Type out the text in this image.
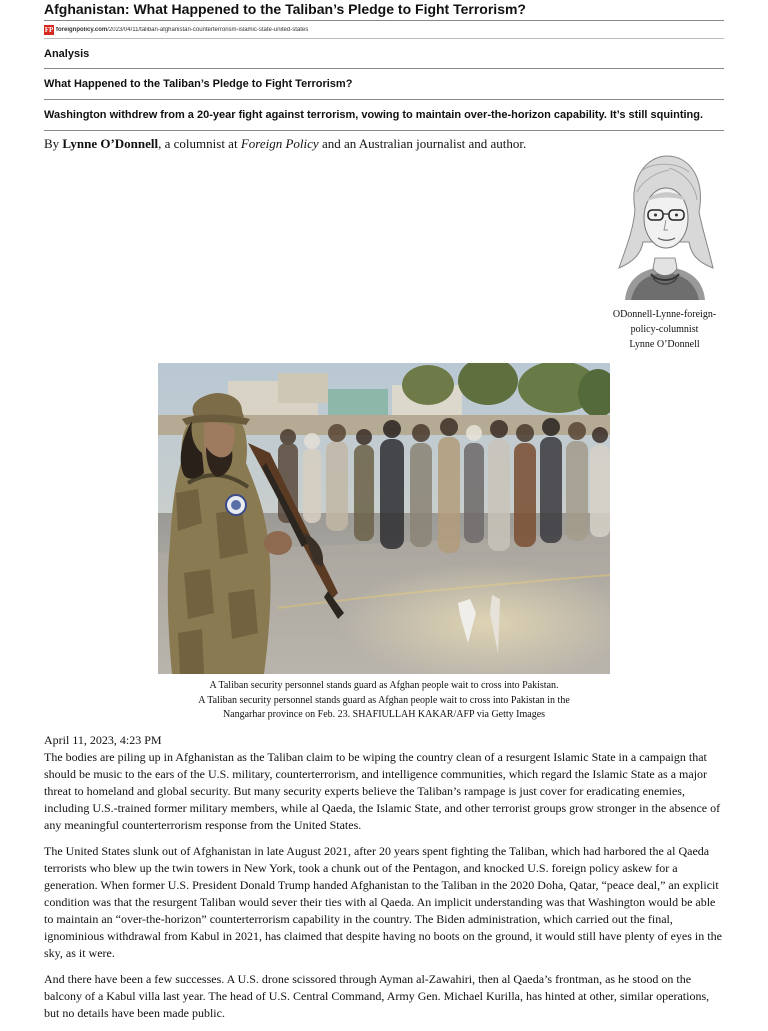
Afghanistan: What Happened to the Taliban’s Pledge to Fight Terrorism?
FP foreignpolicy.com/2023/04/11/taliban-afghanistan-counterterrorism-islamic-state-united-states
Analysis
What Happened to the Taliban’s Pledge to Fight Terrorism?
Washington withdrew from a 20-year fight against terrorism, vowing to maintain over-the-horizon capability. It’s still squinting.
By Lynne O’Donnell, a columnist at Foreign Policy and an Australian journalist and author.
ODonnell-Lynne-foreign-
policy-columnist
Lynne O’Donnell
A Taliban security personnel stands guard as Afghan people wait to cross into Pakistan.
A Taliban security personnel stands guard as Afghan people wait to cross into Pakistan in the
Nangarhar province on Feb. 23. SHAFIULLAH KAKAR/AFP via Getty Images
April 11, 2023, 4:23 PM

The bodies are piling up in Afghanistan as the Taliban claim to be wiping the country clean of a resurgent Islamic State in a campaign that should be music to the ears of the U.S. military, counterterrorism, and intelligence communities, which regard the Islamic State as a major threat to homeland and global security. But many security experts believe the Taliban’s rampage is just cover for eradicating enemies, including U.S.-trained former military members, while al Qaeda, the Islamic State, and other terrorist groups grow stronger in the absence of any meaningful counterterrorism response from the United States.

The United States slunk out of Afghanistan in late August 2021, after 20 years spent fighting the Taliban, which had harbored the al Qaeda terrorists who blew up the twin towers in New York, took a chunk out of the Pentagon, and knocked U.S. foreign policy askew for a generation. When former U.S. President Donald Trump handed Afghanistan to the Taliban in the 2020 Doha, Qatar, “peace deal,” an explicit condition was that the resurgent Taliban would sever their ties with al Qaeda. An implicit understanding was that Washington would be able to maintain an “over-the-horizon” counterterrorism capability in the country. The Biden administration, which carried out the final, ignominious withdrawal from Kabul in 2021, has claimed that despite having no boots on the ground, it would still have plenty of eyes in the sky, as it were.

And there have been a few successes. A U.S. drone scissored through Ayman al-Zawahiri, then al Qaeda’s frontman, as he stood on the balcony of a Kabul villa last year. The head of U.S. Central Command, Army Gen. Michael Kurilla, has hinted at other, similar operations, but no details have been made public.
